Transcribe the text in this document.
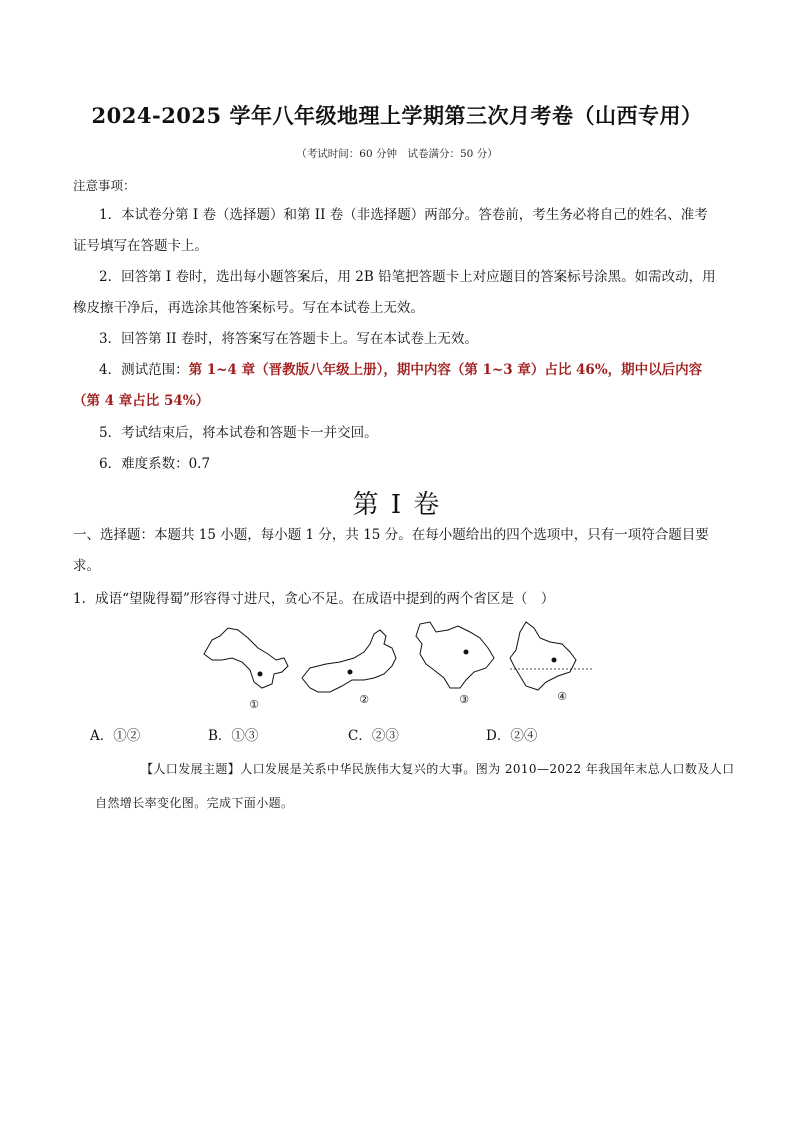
2024-2025 学年八年级地理上学期第三次月考卷（山西专用）
（考试时间：60 分钟　试卷满分：50 分）
注意事项：

1．本试卷分第 I 卷（选择题）和第 II 卷（非选择题）两部分。答卷前，考生务必将自己的姓名、准考证号填写在答题卡上。

2．回答第 I 卷时，选出每小题答案后，用 2B 铅笔把答题卡上对应题目的答案标号涂黑。如需改动，用橡皮擦干净后，再选涂其他答案标号。写在本试卷上无效。

3．回答第 II 卷时，将答案写在答题卡上。写在本试卷上无效。

4．测试范围：第 1~4 章（晋教版八年级上册），期中内容（第 1~3 章）占比 46%，期中以后内容（第 4 章占比 54%）

5．考试结束后，将本试卷和答题卡一并交回。

6．难度系数：0.7

第 I 卷

一、选择题：本题共 15 小题，每小题 1 分，共 15 分。在每小题给出的四个选项中，只有一项符合题目要求。

1．成语“望陇得蜀”形容得寸进尺，贪心不足。在成语中提到的两个省区是（　）

①	②	③	④
A．①②	B．①③	C．②③	D．②④

【人口发展主题】人口发展是关系中华民族伟大复兴的大事。图为 2010—2022 年我国年末总人口数及人口自然增长率变化图。完成下面小题。
